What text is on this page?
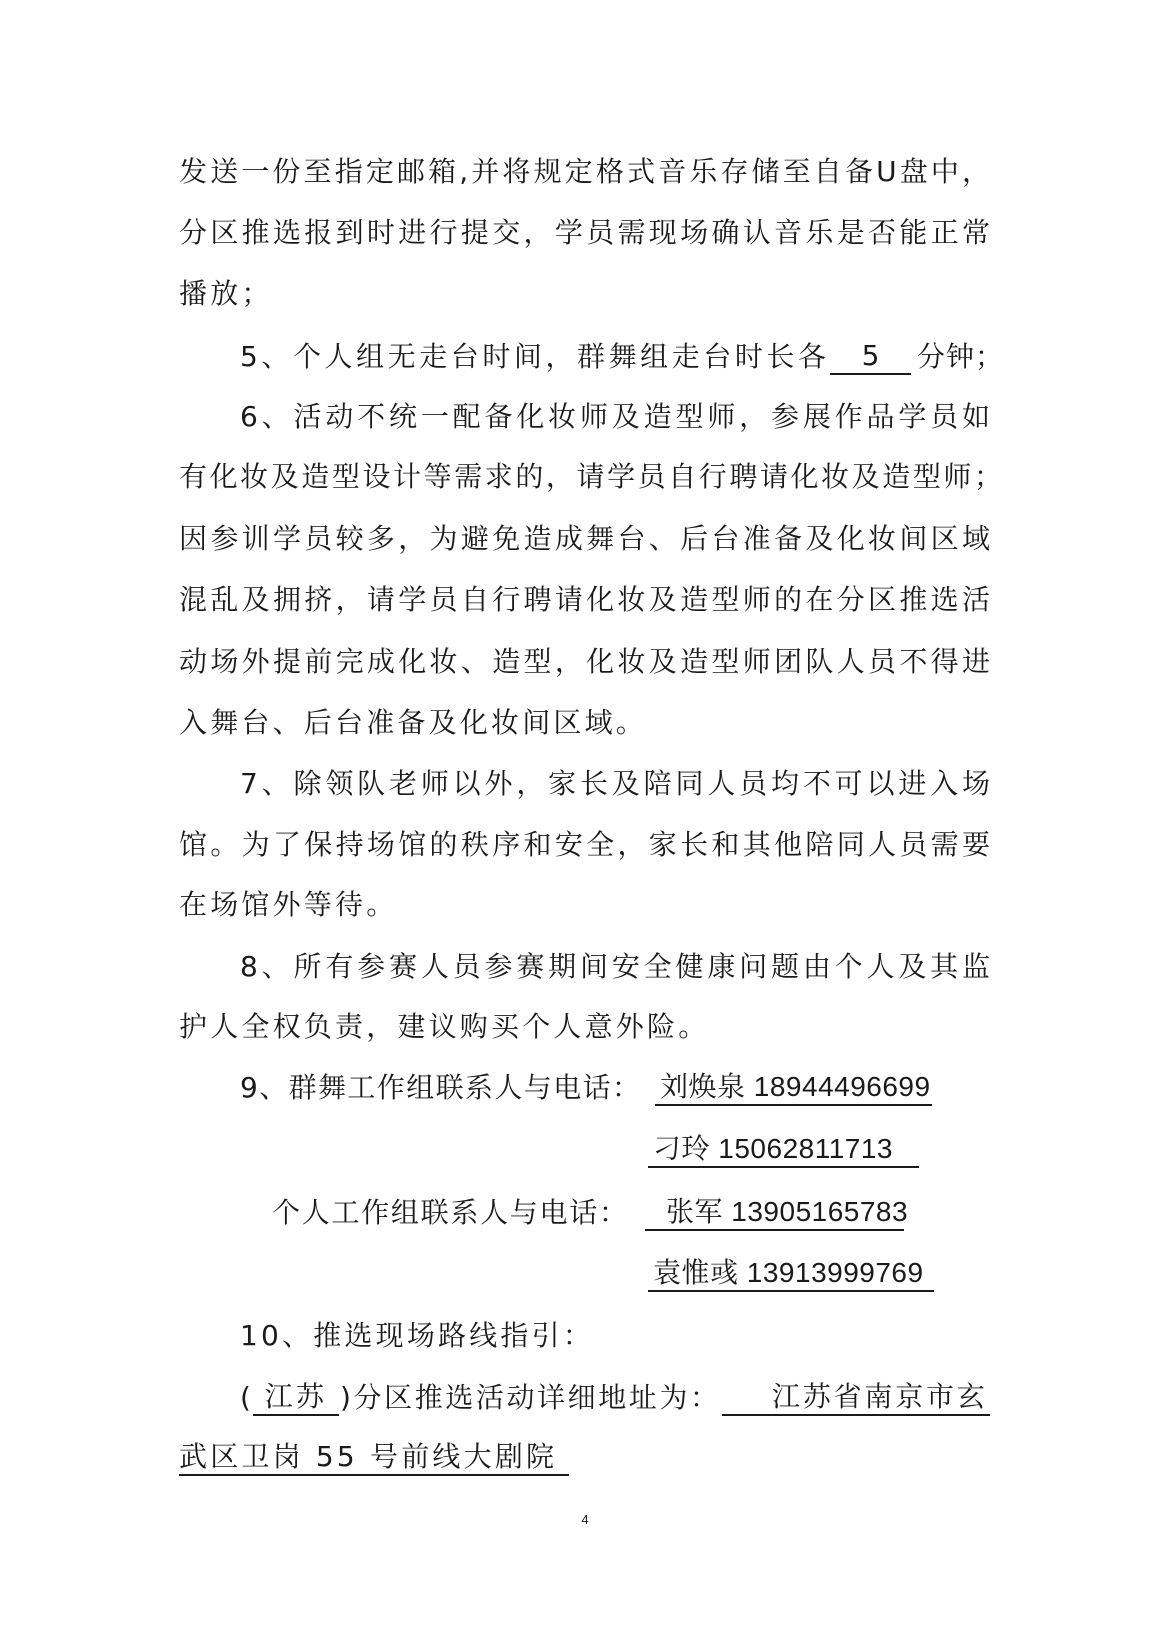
发送一份至指定邮箱,并将规定格式音乐存储至自备U盘中，
分区推选报到时进行提交，学员需现场确认音乐是否能正常
播放；
5、个人组无走台时间，群舞组走台时长各	5	分钟；
6、活动不统一配备化妆师及造型师，参展作品学员如
有化妆及造型设计等需求的，请学员自行聘请化妆及造型师；
因参训学员较多，为避免造成舞台、后台准备及化妆间区域
混乱及拥挤，请学员自行聘请化妆及造型师的在分区推选活
动场外提前完成化妆、造型，化妆及造型师团队人员不得进
入舞台、后台准备及化妆间区域。
7、除领队老师以外，家长及陪同人员均不可以进入场
馆。为了保持场馆的秩序和安全，家长和其他陪同人员需要
在场馆外等待。
8、所有参赛人员参赛期间安全健康问题由个人及其监
护人全权负责，建议购买个人意外险。
9、群舞工作组联系人与电话： 刘焕泉 18944496699
刁玲 15062811713
个人工作组联系人与电话：	张军 13905165783
袁惟彧 13913999769
10、推选现场路线指引：
( 江苏 )分区推选活动详细地址为：	江苏省南京市玄
武区卫岗 55 号前线大剧院
4
